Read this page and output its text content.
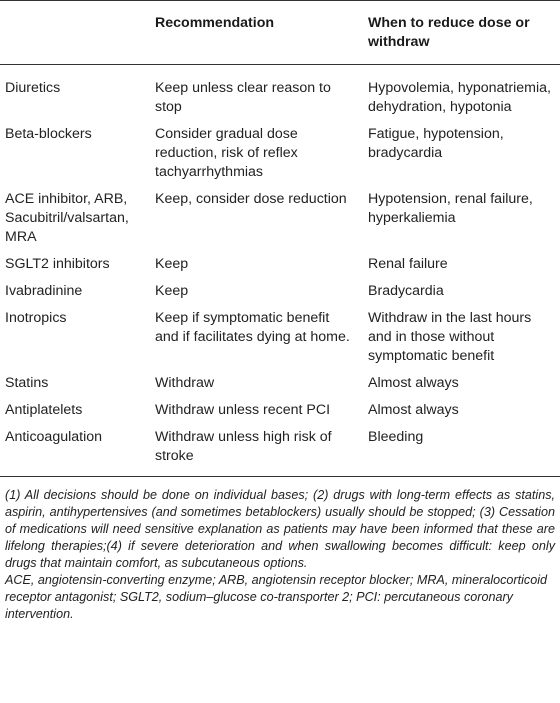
	Recommendation	When to reduce dose or withdraw
Diuretics	Keep unless clear reason to stop	Hypovolemia, hyponatriemia, dehydration, hypotonia
Beta-blockers	Consider gradual dose reduction, risk of reflex tachyarrhythmias	Fatigue, hypotension, bradycardia
ACE inhibitor, ARB, Sacubitril/valsartan, MRA	Keep, consider dose reduction	Hypotension, renal failure, hyperkaliemia
SGLT2 inhibitors	Keep	Renal failure
Ivabradinine	Keep	Bradycardia
Inotropics	Keep if symptomatic benefit and if facilitates dying at home.	Withdraw in the last hours and in those without symptomatic benefit
Statins	Withdraw	Almost always
Antiplatelets	Withdraw unless recent PCI	Almost always
Anticoagulation	Withdraw unless high risk of stroke	Bleeding

(1) All decisions should be done on individual bases; (2) drugs with long-term effects as statins, aspirin, antihypertensives (and sometimes betablockers) usually should be stopped; (3) Cessation of medications will need sensitive explanation as patients may have been informed that these are lifelong therapies;(4) if severe deterioration and when swallowing becomes difficult: keep only drugs that maintain comfort, as subcutaneous options.

ACE, angiotensin-converting enzyme; ARB, angiotensin receptor blocker; MRA, mineralocorticoid receptor antagonist; SGLT2, sodium–glucose co-transporter 2; PCI: percutaneous coronary intervention.
